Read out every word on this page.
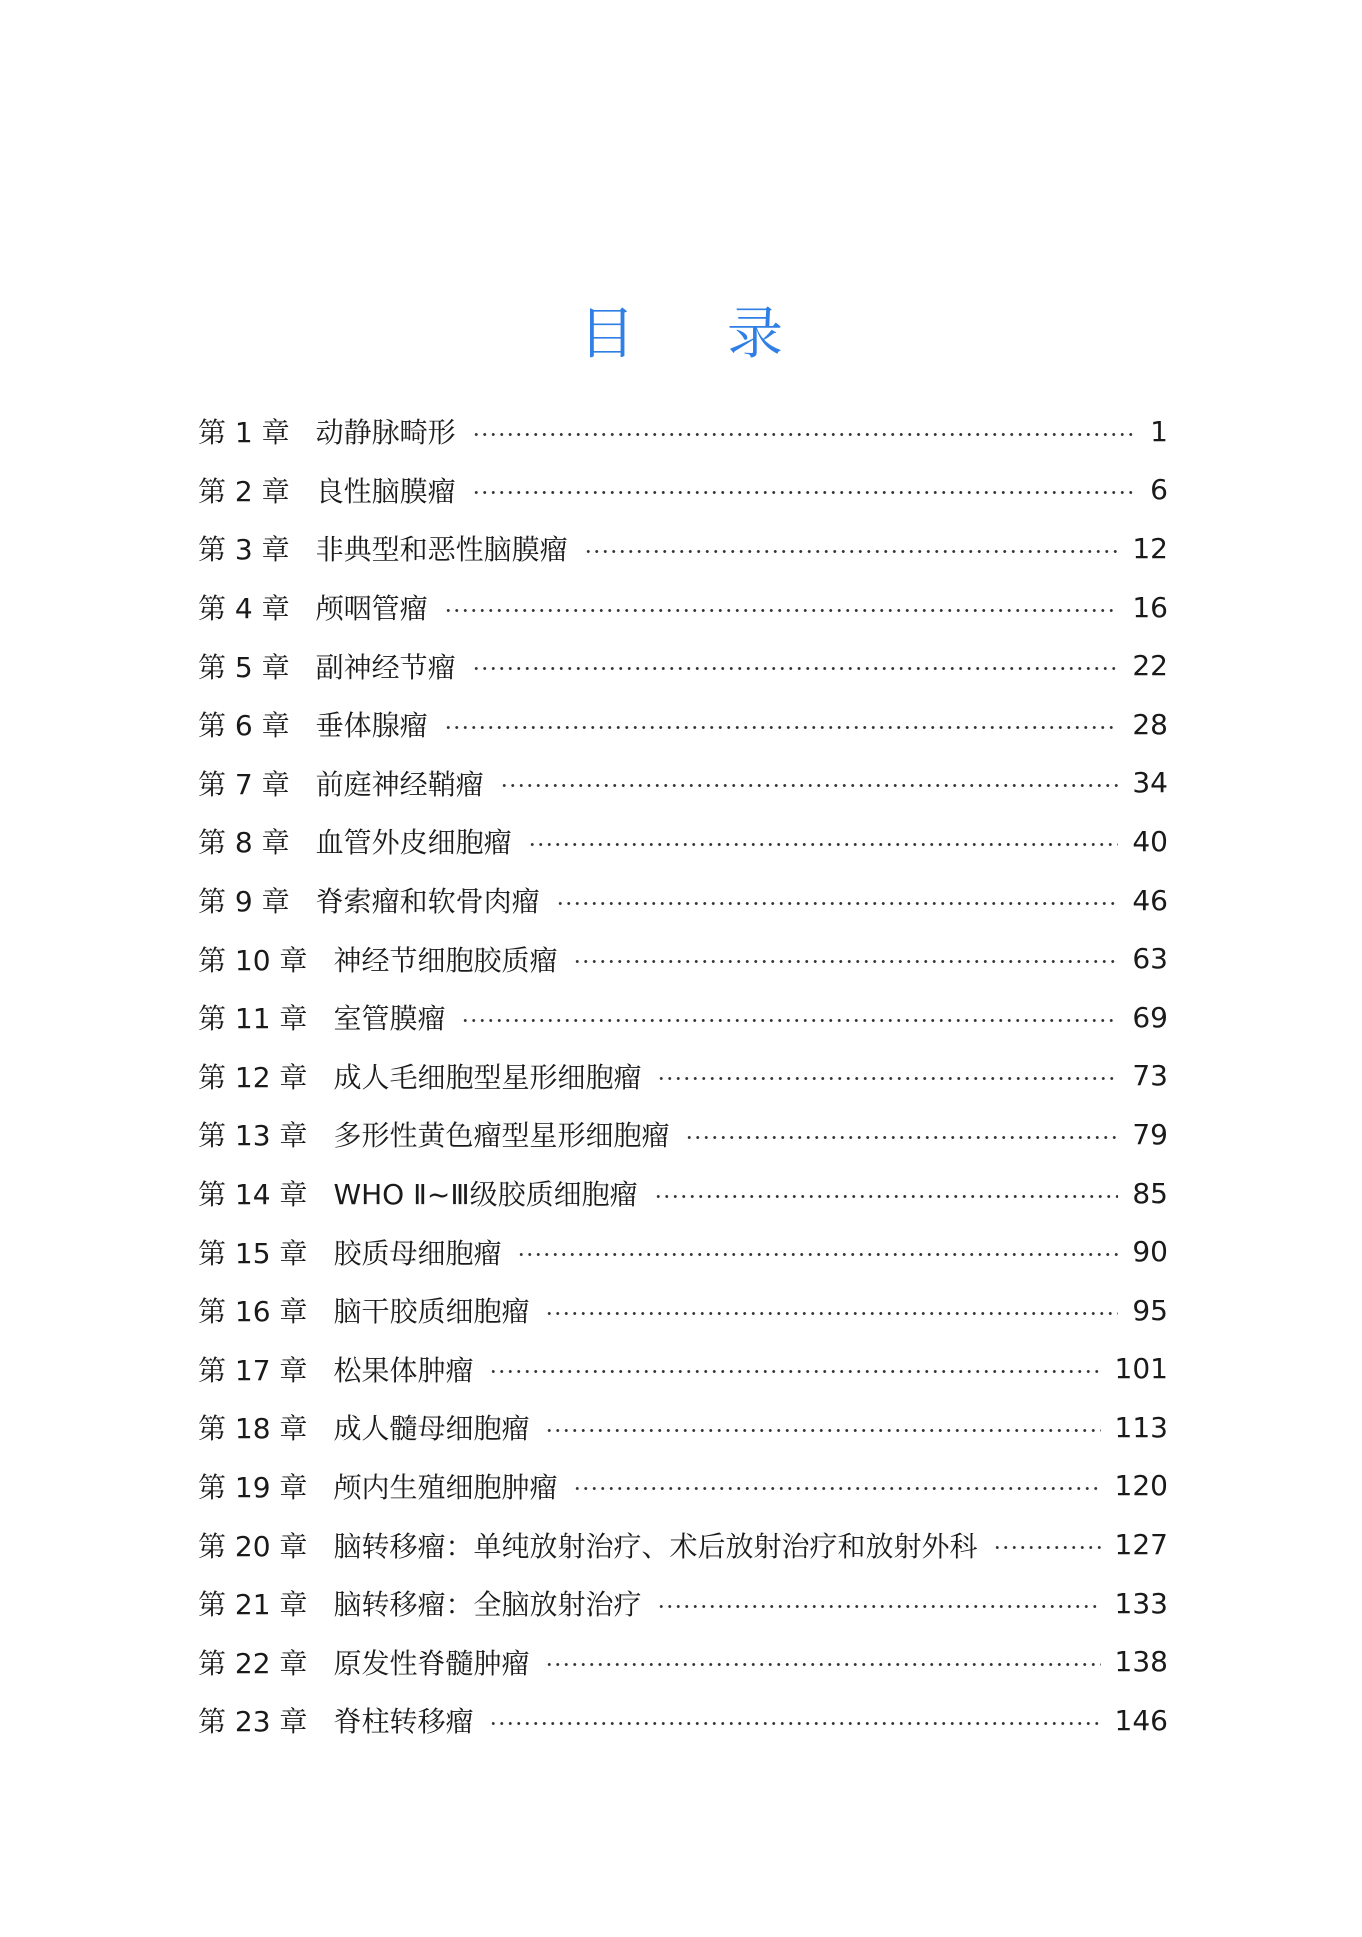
目录
第 1 章 动静脉畸形	1
第 2 章 良性脑膜瘤	6
第 3 章 非典型和恶性脑膜瘤	12
第 4 章 颅咽管瘤	16
第 5 章 副神经节瘤	22
第 6 章 垂体腺瘤	28
第 7 章 前庭神经鞘瘤	34
第 8 章 血管外皮细胞瘤	40
第 9 章 脊索瘤和软骨肉瘤	46
第 10 章 神经节细胞胶质瘤	63
第 11 章 室管膜瘤	69
第 12 章 成人毛细胞型星形细胞瘤	73
第 13 章 多形性黄色瘤型星形细胞瘤	79
第 14 章 WHO Ⅱ~Ⅲ级胶质细胞瘤	85
第 15 章 胶质母细胞瘤	90
第 16 章 脑干胶质细胞瘤	95
第 17 章 松果体肿瘤	101
第 18 章 成人髓母细胞瘤	113
第 19 章 颅内生殖细胞肿瘤	120
第 20 章 脑转移瘤：单纯放射治疗、术后放射治疗和放射外科	127
第 21 章 脑转移瘤：全脑放射治疗	133
第 22 章 原发性脊髓肿瘤	138
第 23 章 脊柱转移瘤	146
